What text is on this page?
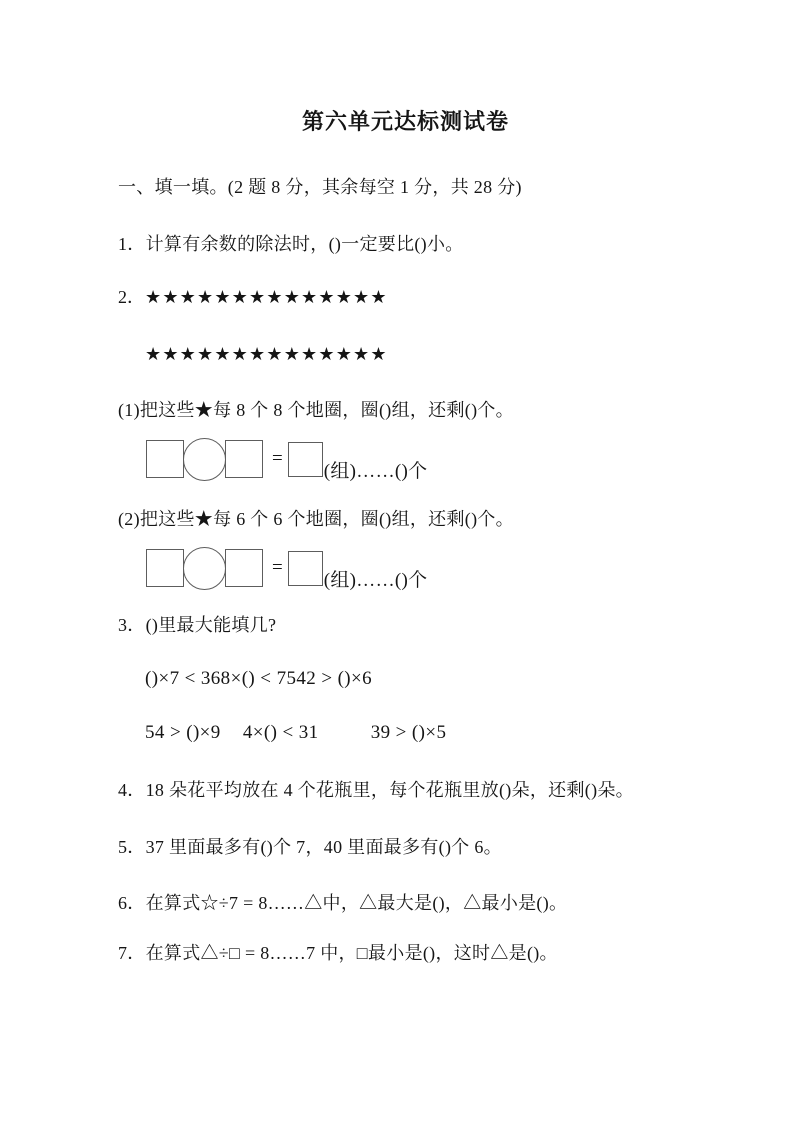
第六单元达标测试卷
一、填一填。(2 题 8 分，其余每空 1 分，共 28 分)
1．计算有余数的除法时，()一定要比()小。
2． ★★★★★★★★★★★★★★
★★★★★★★★★★★★★★
(1)把这些★每 8 个 8 个地圈，圈()组，还剩()个。
=
(组)……()个
(2)把这些★每 6 个 6 个地圈，圈()组，还剩()个。
=
(组)……()个
3．()里最大能填几?
()×7 < 368×() < 7542 > ()×6
54 > ()×9 4×() < 31	39 > ()×5
4．18 朵花平均放在 4 个花瓶里，每个花瓶里放()朵，还剩()朵。
5．37 里面最多有()个 7，40 里面最多有()个 6。
6．在算式☆÷7 = 8……△中，△最大是()，△最小是()。
7．在算式△÷□ = 8……7 中，□最小是()，这时△是()。
